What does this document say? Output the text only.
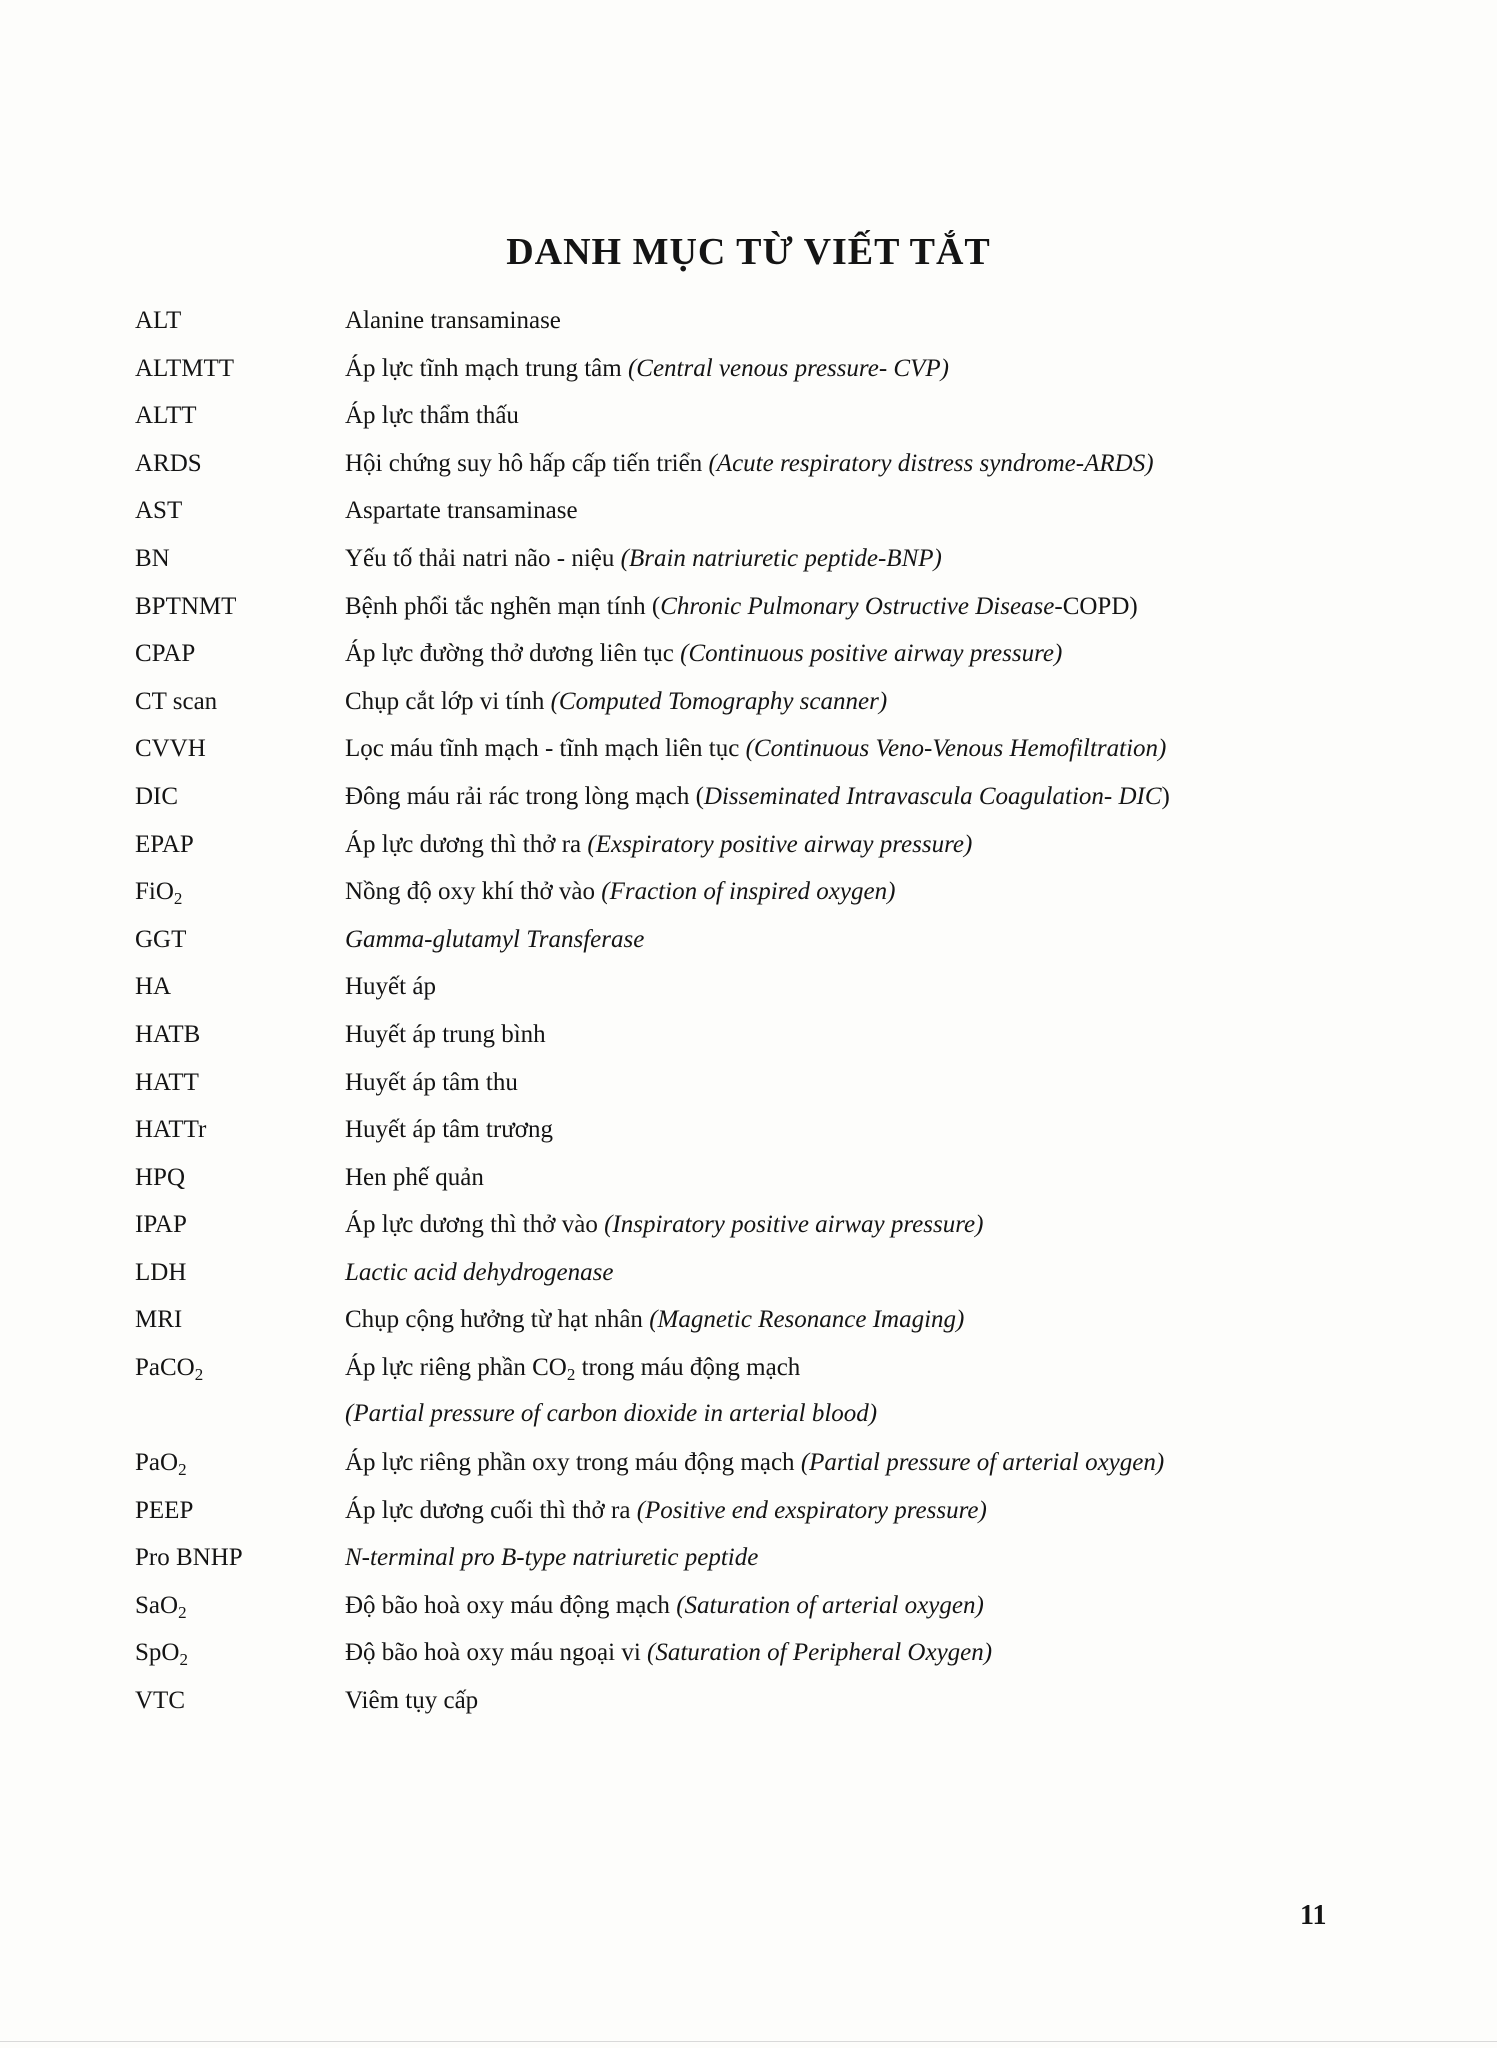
DANH MỤC TỪ VIẾT TẮT
ALT	Alanine transaminase
ALTMTT	Áp lực tĩnh mạch trung tâm (Central venous pressure- CVP)
ALTT	Áp lực thẩm thấu
ARDS	Hội chứng suy hô hấp cấp tiến triển (Acute respiratory distress syndrome-ARDS)
AST	Aspartate transaminase
BN	Yếu tố thải natri não - niệu (Brain natriuretic peptide-BNP)
BPTNMT	Bệnh phổi tắc nghẽn mạn tính (Chronic Pulmonary Ostructive Disease-COPD)
CPAP	Áp lực đường thở dương liên tục (Continuous positive airway pressure)
CT scan	Chụp cắt lớp vi tính (Computed Tomography scanner)
CVVH	Lọc máu tĩnh mạch - tĩnh mạch liên tục (Continuous Veno-Venous Hemofiltration)
DIC	Đông máu rải rác trong lòng mạch (Disseminated Intravascula Coagulation- DIC)
EPAP	Áp lực dương thì thở ra (Exspiratory positive airway pressure)
FiO$_2$	Nồng độ oxy khí thở vào (Fraction of inspired oxygen)
GGT	Gamma-glutamyl Transferase
HA	Huyết áp
HATB	Huyết áp trung bình
HATT	Huyết áp tâm thu
HATTr	Huyết áp tâm trương
HPQ	Hen phế quản
IPAP	Áp lực dương thì thở vào (Inspiratory positive airway pressure)
LDH	Lactic acid dehydrogenase
MRI	Chụp cộng hưởng từ hạt nhân (Magnetic Resonance Imaging)
PaCO$_2$	Áp lực riêng phần $CO_2$ trong máu động mạch
(Partial pressure of carbon dioxide in arterial blood)
PaO$_2$	Áp lực riêng phần oxy trong máu động mạch (Partial pressure of arterial oxygen)
PEEP	Áp lực dương cuối thì thở ra (Positive end exspiratory pressure)
Pro BNHP	N-terminal pro B-type natriuretic peptide
SaO$_2$	Độ bão hoà oxy máu động mạch (Saturation of arterial oxygen)
SpO$_2$	Độ bão hoà oxy máu ngoại vi (Saturation of Peripheral Oxygen)
VTC	Viêm tụy cấp
11
